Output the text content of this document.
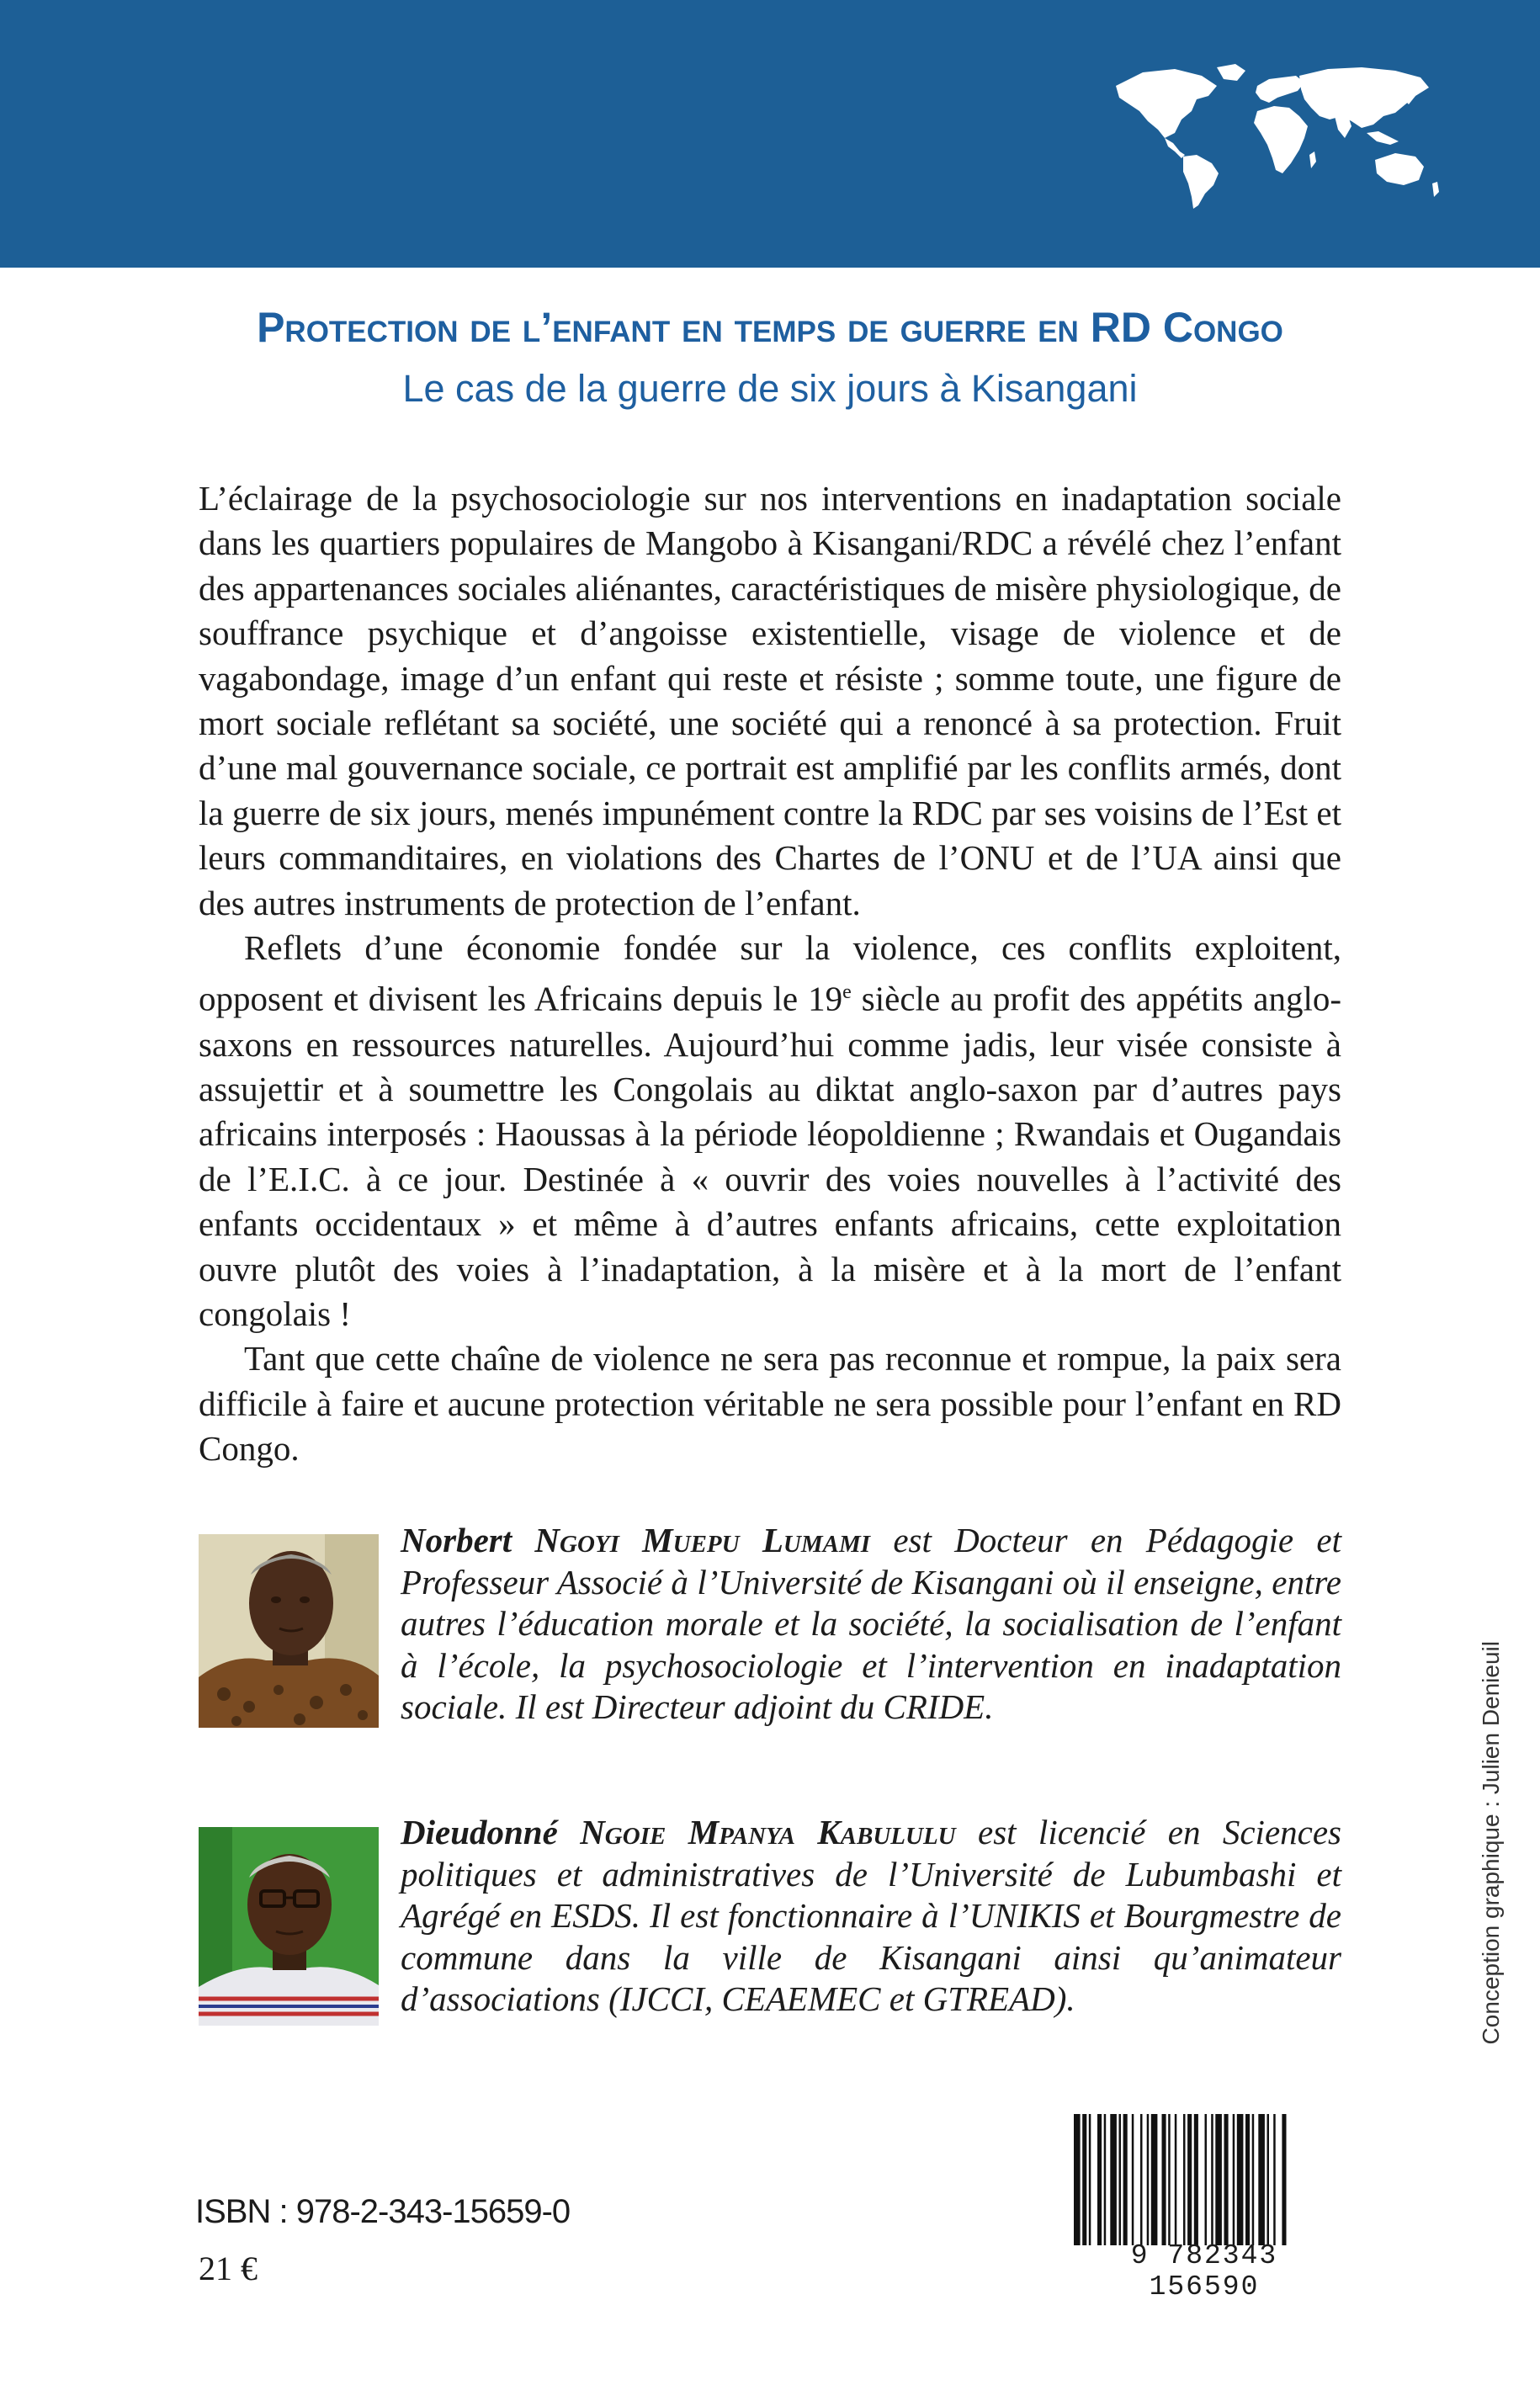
Protection de l’enfant en temps de guerre en RD Congo
Le cas de la guerre de six jours à Kisangani

L’éclairage de la psychosociologie sur nos interventions en inadaptation sociale dans les quartiers populaires de Mangobo à Kisangani/RDC a révélé chez l’enfant des appartenances sociales aliénantes, caractéristiques de misère physiologique, de souffrance psychique et d’angoisse existentielle, visage de violence et de vagabondage, image d’un enfant qui reste et résiste ; somme toute, une figure de mort sociale reflétant sa société, une société qui a renoncé à sa protection. Fruit d’une mal gouvernance sociale, ce portrait est amplifié par les conflits armés, dont la guerre de six jours, menés impunément contre la RDC par ses voisins de l’Est et leurs commanditaires, en violations des Chartes de l’ONU et de l’UA ainsi que des autres instruments de protection de l’enfant.

Reflets d’une économie fondée sur la violence, ces conflits exploitent, opposent et divisent les Africains depuis le 19e siècle au profit des appétits anglo-saxons en ressources naturelles. Aujourd’hui comme jadis, leur visée consiste à assujettir et à soumettre les Congolais au diktat anglo-saxon par d’autres pays africains interposés : Haoussas à la période léopoldienne ; Rwandais et Ougandais de l’E.I.C. à ce jour. Destinée à « ouvrir des voies nouvelles à l’activité des enfants occidentaux » et même à d’autres enfants africains, cette exploitation ouvre plutôt des voies à l’inadaptation, à la misère et à la mort de l’enfant congolais !

Tant que cette chaîne de violence ne sera pas reconnue et rompue, la paix sera difficile à faire et aucune protection véritable ne sera possible pour l’enfant en RD Congo.

Norbert Ngoyi Muepu Lumami est Docteur en Pédagogie et Professeur Associé à l’Université de Kisangani où il enseigne, entre autres l’éducation morale et la société, la socialisation de l’enfant à l’école, la psychosociologie et l’intervention en inadaptation sociale. Il est Directeur adjoint du CRIDE.
Dieudonné Ngoie Mpanya Kabululu est licencié en Sciences politiques et administratives de l’Université de Lubumbashi et Agrégé en ESDS. Il est fonctionnaire à l’UNIKIS et Bourgmestre de commune dans la ville de Kisangani ainsi qu’animateur d’associations (IJCCI, CEAEMEC et GTREAD).
ISBN : 978-2-343-15659-0
21 €	9 782343 156590
Conception graphique : Julien Denieuil
